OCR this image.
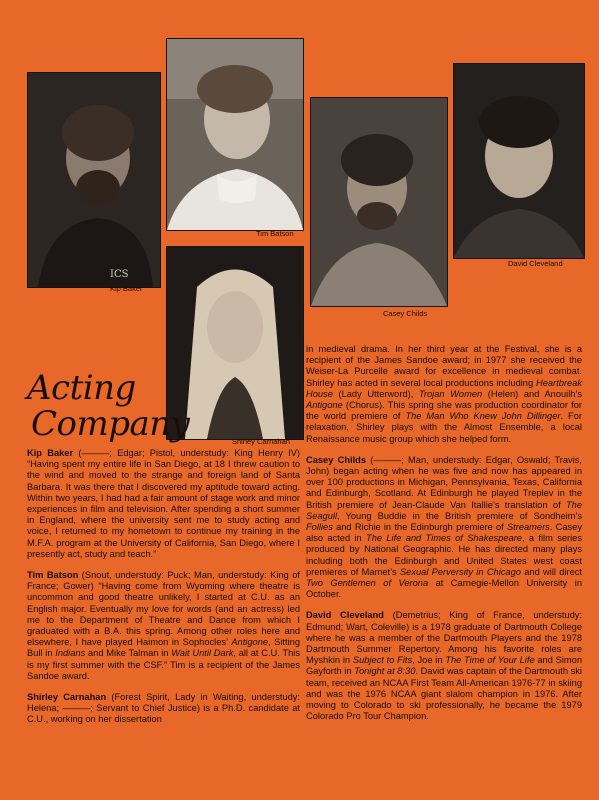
ICS
Kip Baker
Tim Batson
Shirley Carnahan
Casey Childs
David Cleveland
Acting
Company

Kip Baker (———; Edgar; Pistol, understudy: King Henry IV) “Having spent my entire life in San Diego, at 18 I threw caution to the wind and moved to the strange and foreign land of Santa Barbara. It was there that I discovered my aptitude toward acting. Within two years, I had had a fair amount of stage work and minor experiences in film and television. After spending a short summer in England, where the university sent me to study acting and voice, I returned to my hometown to continue my training in the M.F.A. program at the University of California, San Diego, where I presently act, study and teach.”

Tim Batson (Snout, understudy: Puck; Man, understudy: King of France; Gower) “Having come from Wyoming where theatre is uncommon and good theatre unlikely, I started at C.U. as an English major. Eventually my love for words (and an actress) led me to the Department of Theatre and Dance from which I graduated with a B.A. this spring. Among other roles here and elsewhere, I have played Haimon in Sophocles’ Antigone, Sitting Bull in Indians and Mike Talman in Wait Until Dark, all at C.U. This is my first summer with the CSF.” Tim is a recipient of the James Sandoe award.

Shirley Carnahan (Forest Spirit, Lady in Waiting, understudy: Helena; ———; Servant to Chief Justice) is a Ph.D. candidate at C.U., working on her dissertation

in medieval drama. In her third year at the Festival, she is a recipient of the James Sandoe award; in 1977 she received the Weiser-La Purcelle award for excellence in medieval combat. Shirley has acted in several local productions including Heartbreak House (Lady Utterword), Trojan Women (Helen) and Anouilh’s Antigone (Chorus). This spring she was production coordinator for the world premiere of The Man Who Knew John Dillinger. For relaxation, Shirley plays with the Almost Ensemble, a local Renaissance music group which she helped form.

Casey Childs (———; Man, understudy: Edgar, Oswald; Travis, John) began acting when he was five and now has appeared in over 100 productions in Michigan, Pennsylvania, Texas, California and Edinburgh, Scotland. At Edinburgh he played Treplev in the British premiere of Jean-Claude Van Itallie’s translation of The Seagull, Young Buddie in the British premiere of Sondheim’s Follies and Richie in the Edinburgh premiere of Streamers. Casey also acted in The Life and Times of Shakespeare, a film series produced by National Geographic. He has directed many plays including both the Edinburgh and United States west coast premieres of Mamet’s Sexual Perversity in Chicago and will direct Two Gentlemen of Verona at Carnegie-Mellon University in October.

David Cleveland (Demetrius; King of France, understudy: Edmund; Wart, Coleville) is a 1978 graduate of Dartmouth College where he was a member of the Dartmouth Players and the 1978 Dartmouth Summer Repertory. Among his favorite roles are Myshkin in Subject to Fits, Joe in The Time of Your Life and Simon Gayforth in Tonight at 8:30. David was captain of the Dartmouth ski team, received an NCAA First Team All-American 1976-77 in skiing and was the 1976 NCAA giant slalom champion in 1976. After moving to Colorado to ski professionally, he became the 1979 Colorado Pro Tour Champion.
